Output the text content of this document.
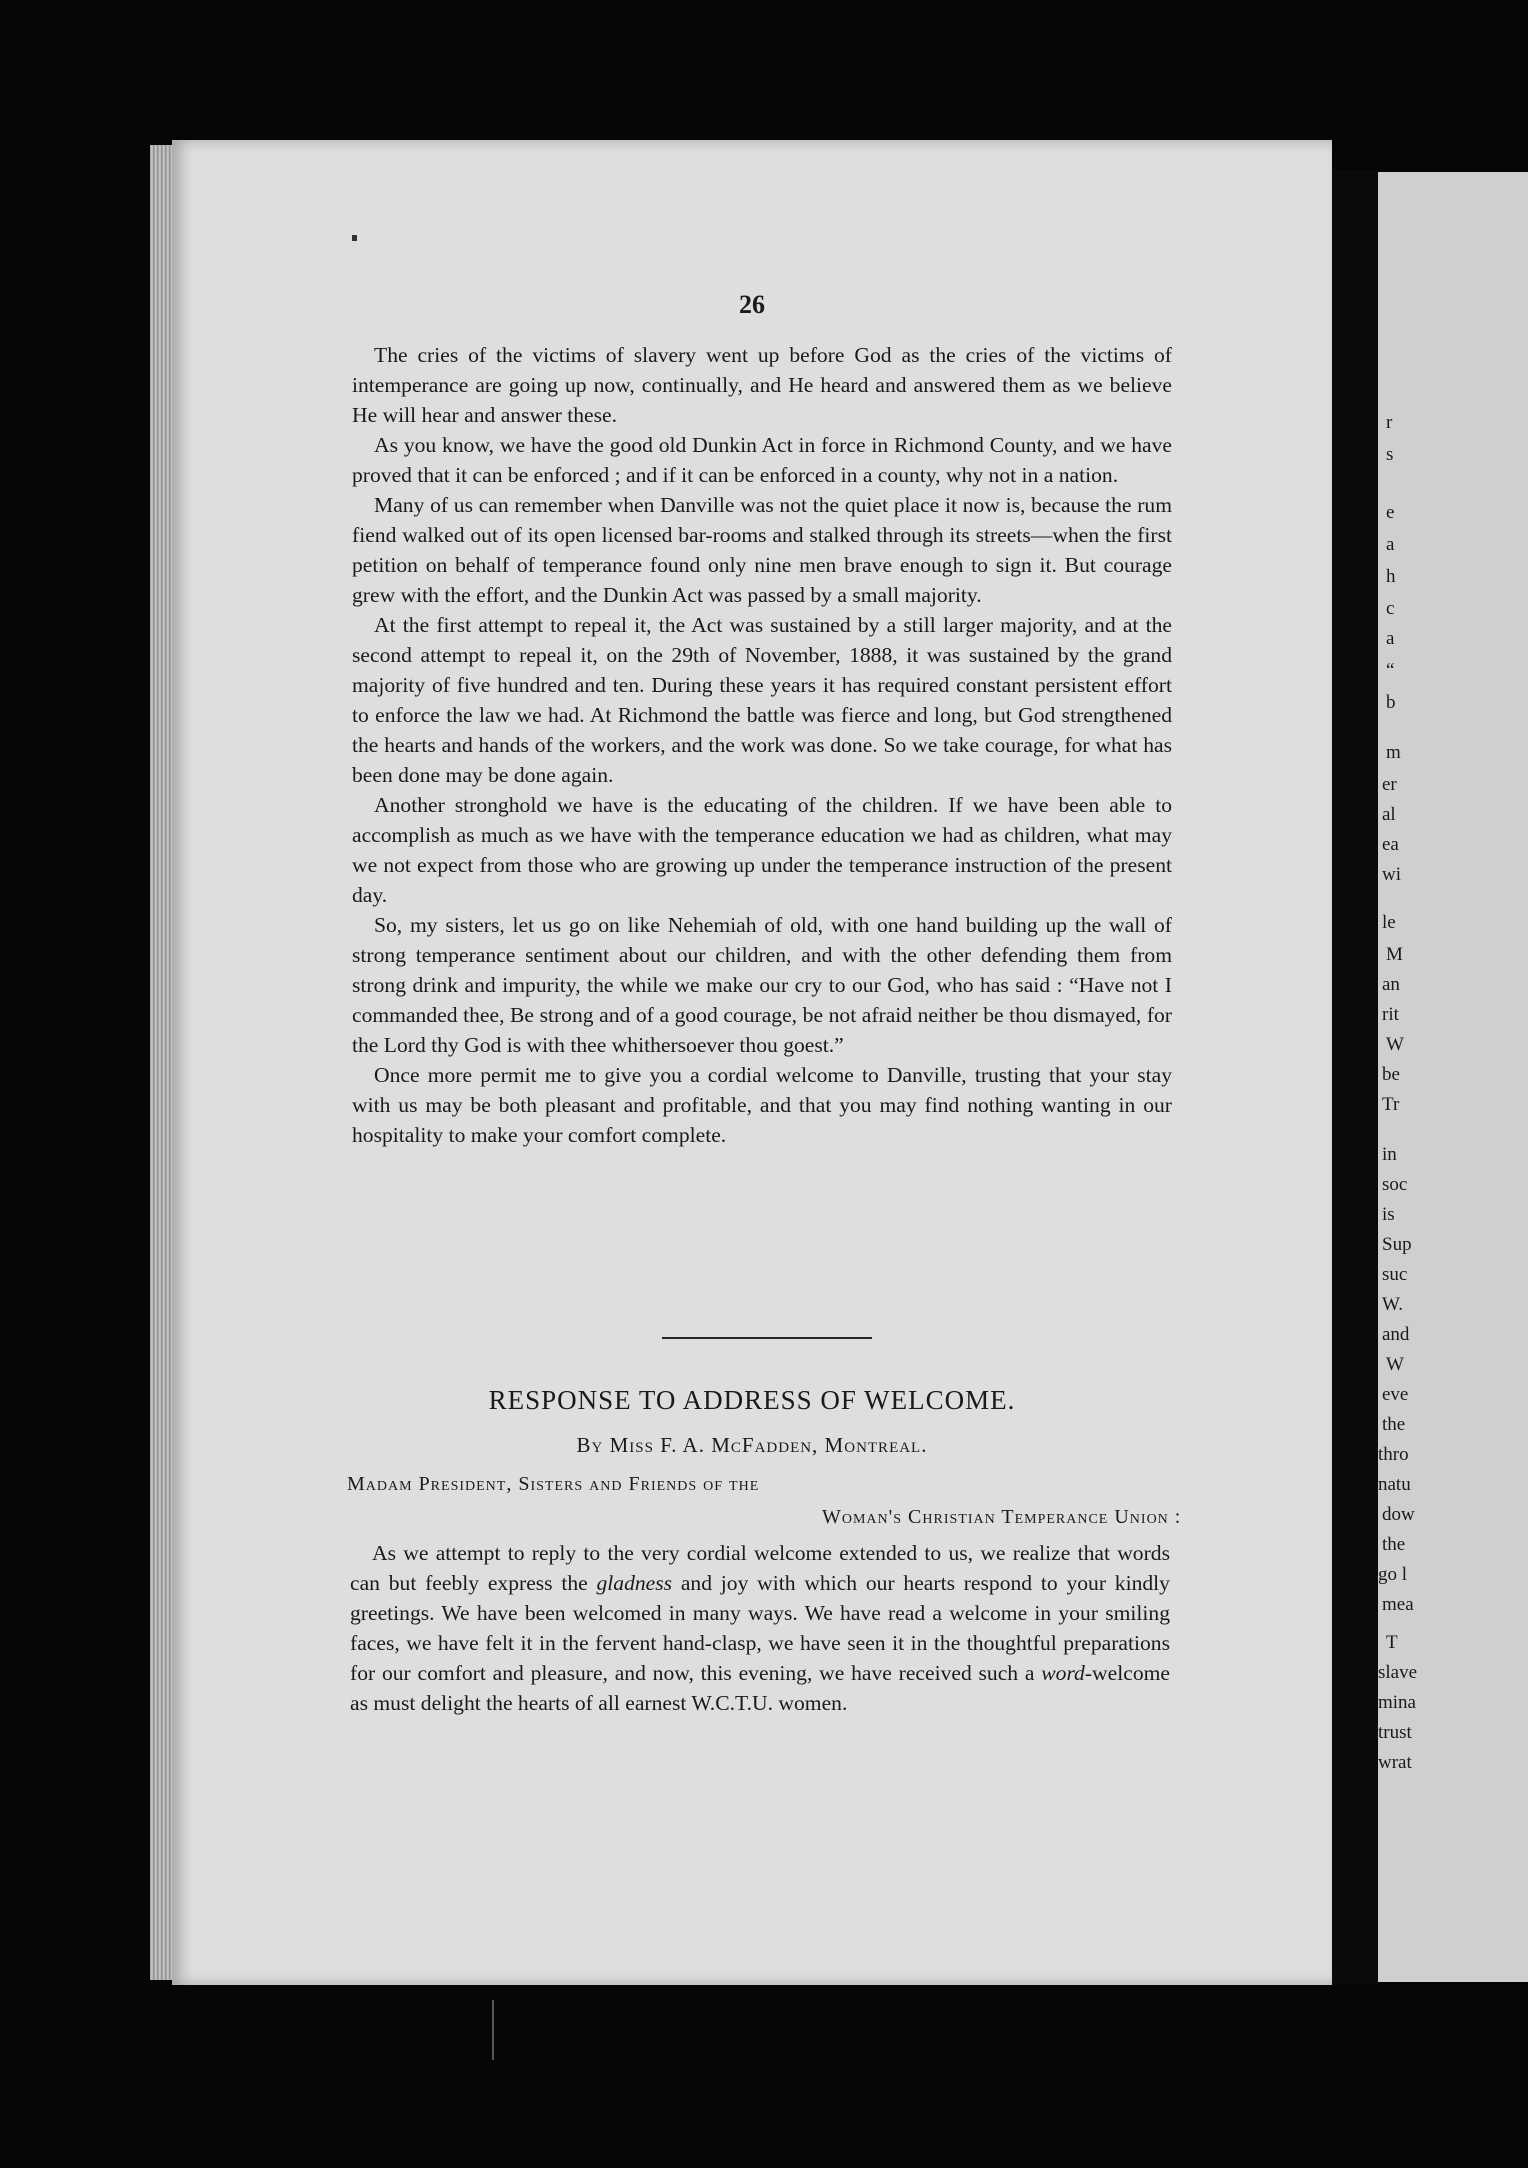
26

The cries of the victims of slavery went up before God as the cries of the victims of intemperance are going up now, continually, and He heard and answered them as we believe He will hear and answer these.

As you know, we have the good old Dunkin Act in force in Richmond County, and we have proved that it can be enforced ; and if it can be enforced in a county, why not in a nation.

Many of us can remember when Danville was not the quiet place it now is, because the rum fiend walked out of its open licensed bar-rooms and stalked through its streets—when the first petition on behalf of temperance found only nine men brave enough to sign it. But courage grew with the effort, and the Dunkin Act was passed by a small majority.

At the first attempt to repeal it, the Act was sustained by a still larger majority, and at the second attempt to repeal it, on the 29th of November, 1888, it was sustained by the grand majority of five hundred and ten. During these years it has required constant persistent effort to enforce the law we had. At Richmond the battle was fierce and long, but God strengthened the hearts and hands of the workers, and the work was done. So we take courage, for what has been done may be done again.

Another stronghold we have is the educating of the children. If we have been able to accomplish as much as we have with the temperance education we had as children, what may we not expect from those who are growing up under the temperance instruction of the present day.

So, my sisters, let us go on like Nehemiah of old, with one hand building up the wall of strong temperance sentiment about our children, and with the other defending them from strong drink and impurity, the while we make our cry to our God, who has said : “Have not I commanded thee, Be strong and of a good courage, be not afraid neither be thou dismayed, for the Lord thy God is with thee whithersoever thou goest.”

Once more permit me to give you a cordial welcome to Danville, trusting that your stay with us may be both pleasant and profitable, and that you may find nothing wanting in our hospitality to make your comfort complete.

RESPONSE TO ADDRESS OF WELCOME.
By Miss F. A. McFadden, Montreal.
Madam President, Sisters and Friends of the
Woman's Christian Temperance Union :

As we attempt to reply to the very cordial welcome extended to us, we realize that words can but feebly express the gladness and joy with which our hearts respond to your kindly greetings. We have been welcomed in many ways. We have read a welcome in your smiling faces, we have felt it in the fervent hand-clasp, we have seen it in the thoughtful preparations for our comfort and pleasure, and now, this evening, we have received such a word-welcome as must delight the hearts of all earnest W.C.T.U. women.

r
s
e
a
h
c
a
“
b
m
er
al
ea
wi
le
M
an
rit
W
be
Tr
in
soc
is
Sup
suc
W.
and
W
eve
the
thro
natu
dow
the
go l
mea
T
slave
mina
trust
wrat
